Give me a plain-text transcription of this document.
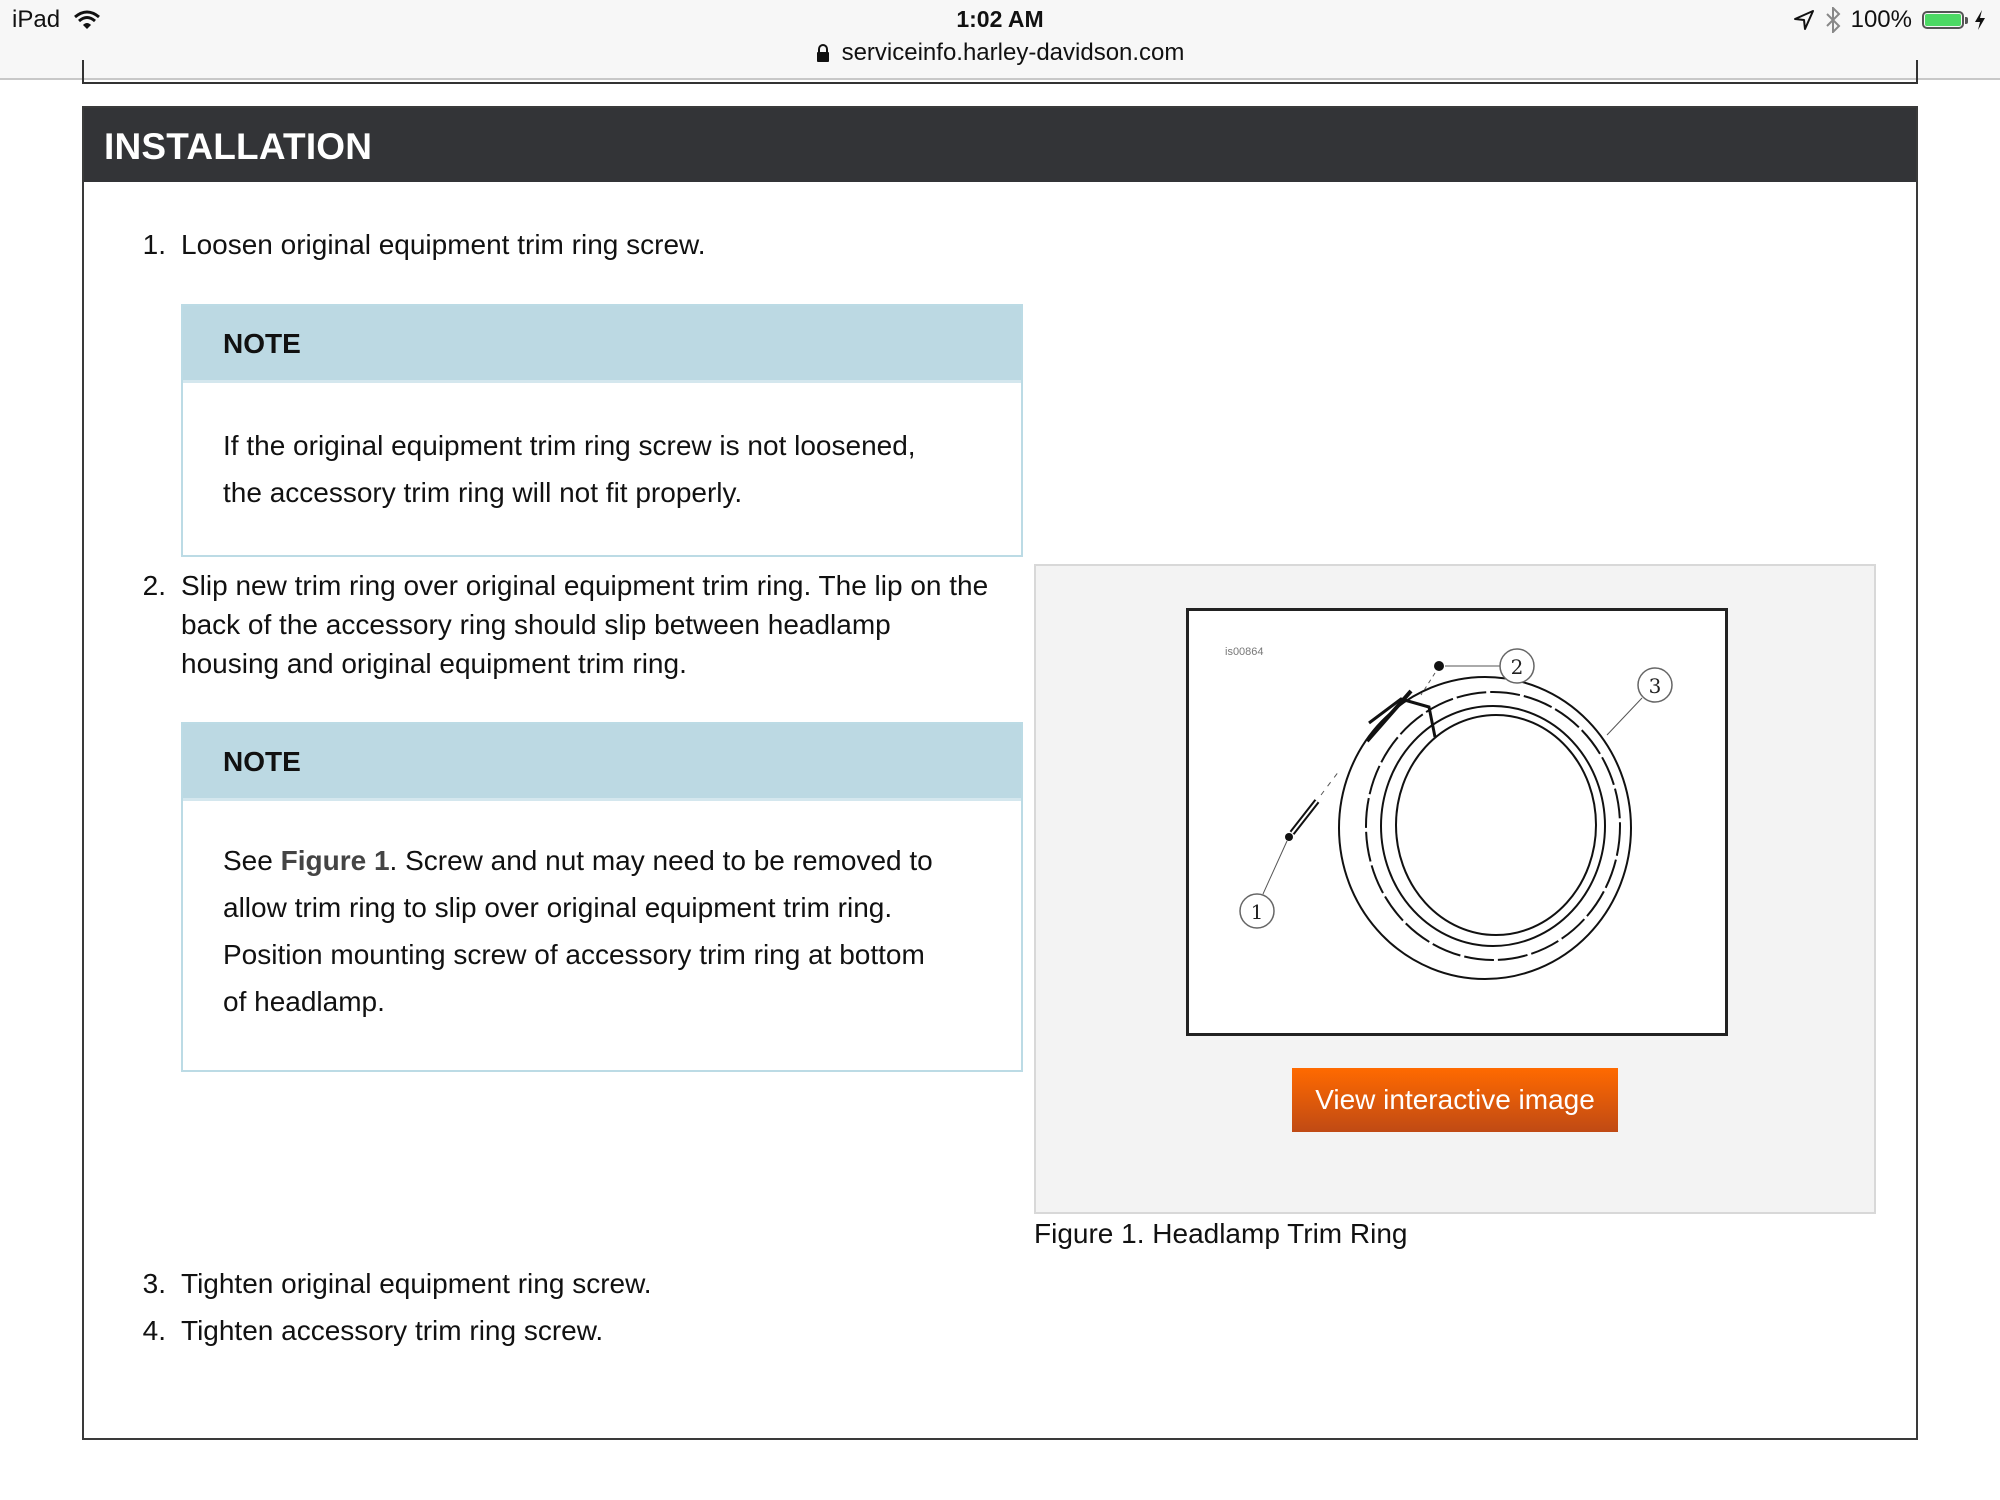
iPad	1:02 AM
serviceinfo.harley-davidson.com
100%
INSTALLATION
1. Loosen original equipment trim ring screw.
NOTE
If the original equipment trim ring screw is not loosened,
the accessory trim ring will not fit properly.
2. Slip new trim ring over original equipment trim ring. The lip on the
back of the accessory ring should slip between headlamp
housing and original equipment trim ring.
NOTE
See Figure 1. Screw and nut may need to be removed to
allow trim ring to slip over original equipment trim ring.
Position mounting screw of accessory trim ring at bottom
of headlamp.
3. Tighten original equipment ring screw.
4. Tighten accessory trim ring screw.
is00864
1
2
3
View interactive image
Figure 1. Headlamp Trim Ring
